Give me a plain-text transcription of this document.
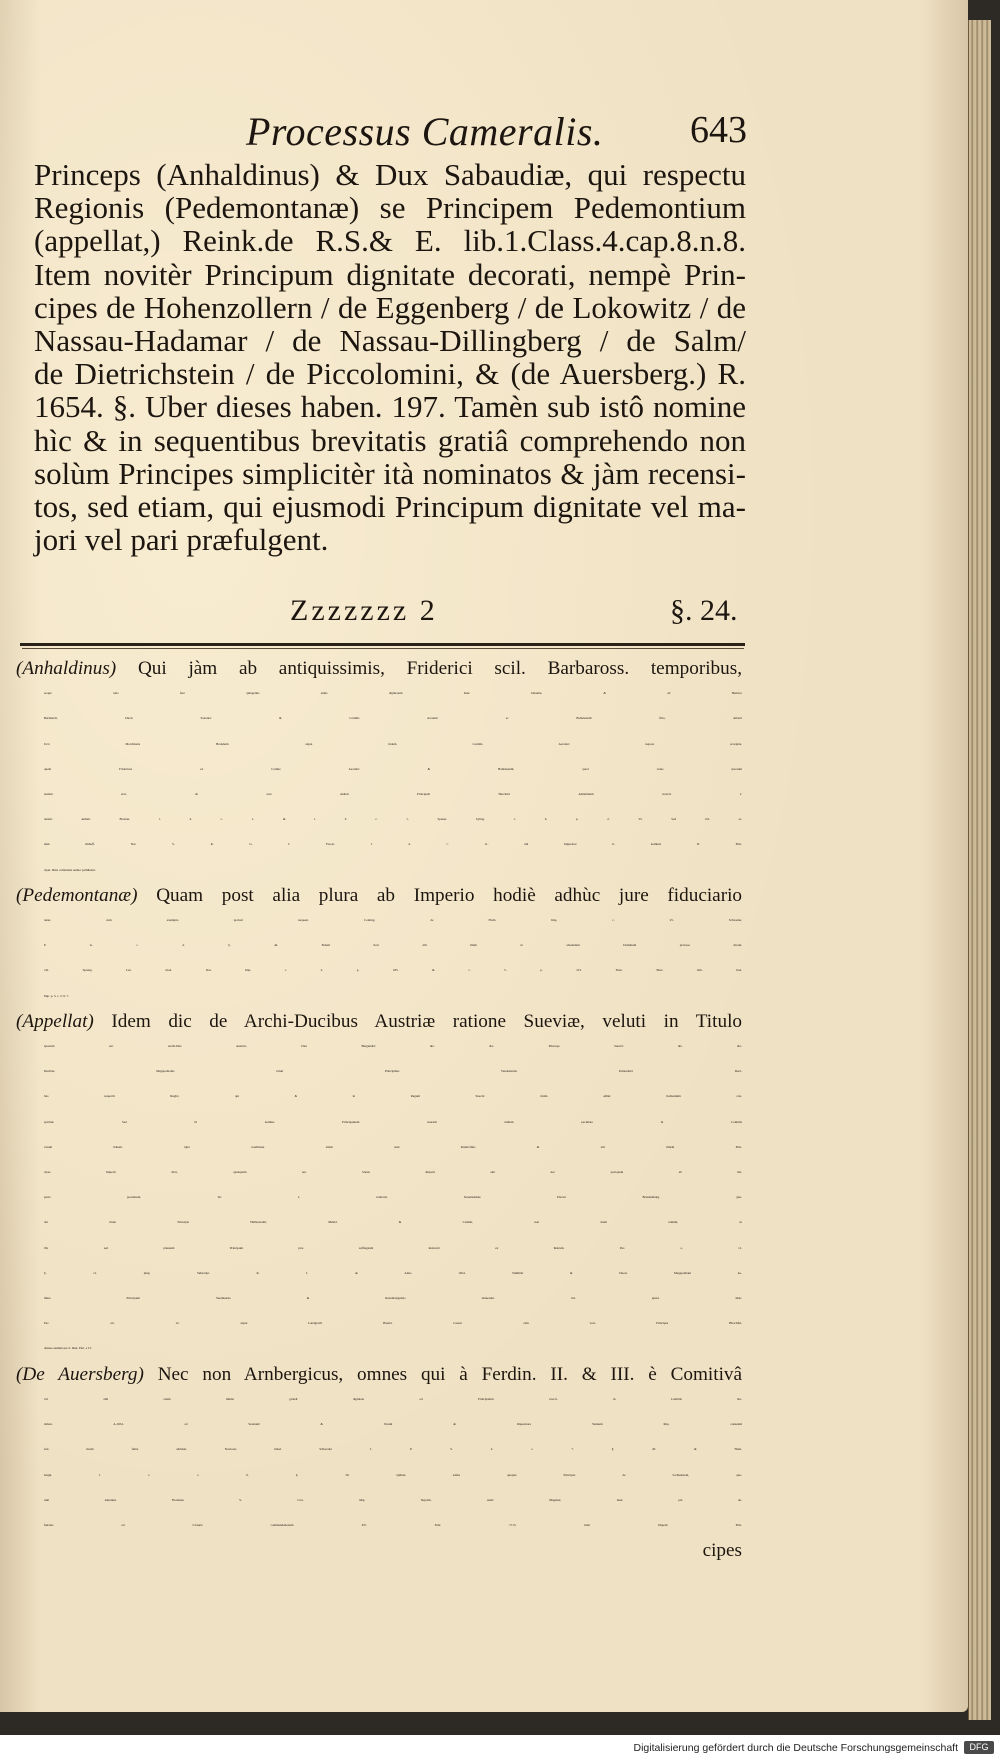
Processus Cameralis. 643
Princeps (Anhaldinus) & Dux Sabaudiæ, qui respectu
Regionis (Pedemontanæ) se Principem Pedemontium
(appellat,) Reink.de R.S.& E. lib.1.Class.4.cap.8.n.8.
Item novitèr Principum dignitate decorati, nempè Prin-
cipes de Hohenzollern / de Eggenberg / de Lokowitz / de
Nassau-Hadamar / de Nassau-Dillingberg / de Salm/
de Dietrichstein / de Piccolomini, & (de Auersberg.) R.
1654. §. Uber dieses haben. 197. Tamèn sub istô nomine
hìc & in sequentibus brevitatis gratiâ comprehendo non
solùm Principes simplicitèr ità nominatos & jàm recensi-
tos, sed etiam, qui ejusmodi Principum dignitate vel ma-
jori vel pari præfulgent.
Zzzzzzz 2	§. 24.
(Anhaldinus) Qui jàm ab antiquissimis, Friderici scil. Barbaross. temporibus,
eoquè totis ferè quingentis annis dignitatem hanc habuêre, & ab Henrico
Bernhardi, Ducis Saxoniæ & Comitis Ascaniæ ac Ballenstadii filio, Alberti
Ursi Marchionis Brandenb. atquè itidem Comitis Ascaniæ nepote accepêre,
quem Fridericus ex Comite Ascaniæ & Ballenstadii, quod vetus ipsorum
nomen erat, ab arce Anhalt Principem Herciniæ Anhaltinum creavit. v.
Annal. Anhalt. Brotuss. l. 4. c. 1. & l. 6 c. 1. Spener. Syllog. c. 6. p. 2. 55. Sed vid. ta-
mèn Imhoff. Not. S. R. G. I. Procer. l. 4. c. 11. ubi Imperator h. nominis II. Prin-
cipal. illius collationis author perhibetur.
(Pedemontanæ) Quam post alia plura ab Imperio hodiè adhùc jure fiduciario
tenet, cum exemptio probari nequeat. Conring. de Finib. Imp. c. 25. Schweder.
P. G. c. 4. §. 44. Eidem licet àlii illum ut absolutum Dominum præesse dicant.
vid. Spreng. Luc. mod. Stat. Imp. c. 2. p. 185. & c. 5. p. 215. Func. Brev. Orb. hod.
Imp. p. 3. c. 2. 9. 7.
(Appellat) Idem dic de Archi-Ducibus Austriæ ratione Sueviæ, veluti in Titulo
ipsorum est: Archi-Dux Austriæ, Dux Burgundiæ &c. &c. Princeps Sueviæ &c. &c.
Ducibus Megapolitanis veluti Principibus Vandalorum, Pomeraniæ Duci-
bus respectû Rugiæ, qui & in Regum Sueciæ titulis adhùc hodiennùm con-
spicitur. Sed hi nomine Principatuum suorum nullum peculiare in Comitiis
votum habent. Quâ conditione etiam sunt Radzivilius & alii itidem Prin-
cipes Imperii dicti, quanquam nec Status Imperii sint nec quicquam ab Im-
perio possideant. Sic è contrario Serenissimus Elector Brandenburg. gau-
det titulo Principis Halberstadii, Mindæ & Camini, non inani tantùm, ut
illi, sed plenaniô Principum jure suffragandi instructô ex Instrum. Pac. a. 11.
§. 11. jung. Subscript. R. I. de Anno 1654. Similitèr & Duces Megapolitani no-
mina Principum Suerinensis & Razenburgensis induerunt. vid. ejusd. Instr.
Pac. art. 12. atquè Landgravii Hassiæ Cassel. cum voto Principes Hirschfel-
denses audiunt per d. Instr. Part. a 15.
(De Auersberg) Nec non Arnbergicus, omnes qui à Ferdin. II. & III. è Comitivâ
vel aliâ etiam minùs grandi dignitate ad Principatum evecti, in Comitiis Ra-
tisbon. A.1654. ad Sessionē & Votum ab Imperatore Statuum Imp. consensû
suô modô fuêre admissi. Noviores habet Schweder J. P. S. 2. c. 7. §. 20. & Hom-
bergk. l. c. c. 6. §. 50. Quibus addas quoquè Principes de Lichtenstein, quo-
rum Antonius Florianus S. Cæs. Maj. Suprem. Aulæ Magister, nunc piè de-
functus ad Cæsaris commendationem XV. Febr. 1713. intèr Imperii Prin-
cipes
Digitalisierung gefördert durch die Deutsche Forschungsgemeinschaft	DFG
